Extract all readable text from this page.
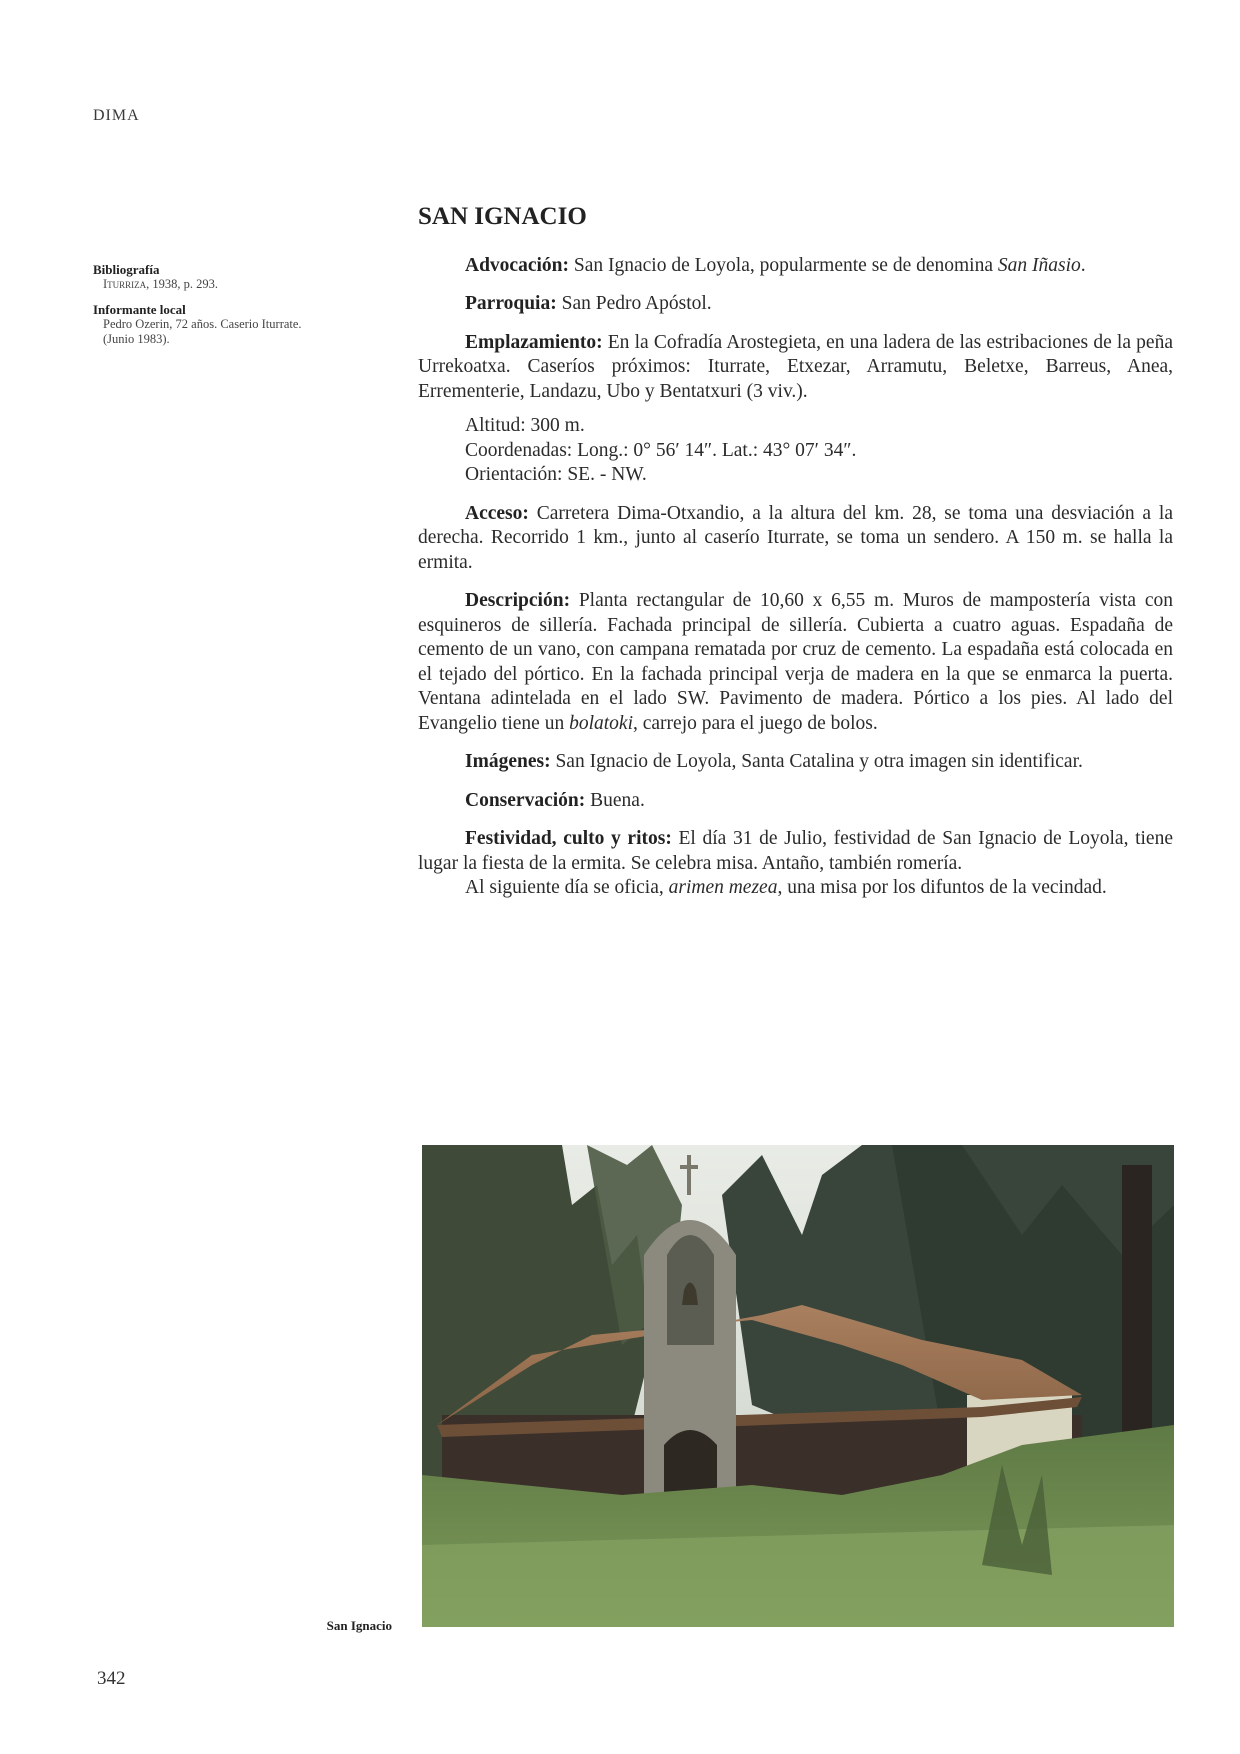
DIMA
Bibliografía
Iturriza, 1938, p. 293.
Informante local
Pedro Ozerin, 72 años. Caserio Iturrate.
(Junio 1983).
SAN IGNACIO

Advocación: San Ignacio de Loyola, popularmente se de denomina San Iñasio.

Parroquia: San Pedro Apóstol.

Emplazamiento: En la Cofradía Arostegieta, en una ladera de las estribaciones de la peña Urrekoatxa. Caseríos próximos: Iturrate, Etxezar, Arramutu, Beletxe, Barreus, Anea, Errementerie, Landazu, Ubo y Bentatxuri (3 viv.).

Altitud: 300 m.
Coordenadas: Long.: 0° 56′ 14″. Lat.: 43° 07′ 34″.
Orientación: SE. - NW.

Acceso: Carretera Dima-Otxandio, a la altura del km. 28, se toma una desviación a la derecha. Recorrido 1 km., junto al caserío Iturrate, se toma un sendero. A 150 m. se halla la ermita.

Descripción: Planta rectangular de 10,60 x 6,55 m. Muros de mampostería vista con esquineros de sillería. Fachada principal de sillería. Cubierta a cuatro aguas. Espadaña de cemento de un vano, con campana rematada por cruz de cemento. La espadaña está colocada en el tejado del pórtico. En la fachada principal verja de madera en la que se enmarca la puerta. Ventana adintelada en el lado SW. Pavimento de madera. Pórtico a los pies. Al lado del Evangelio tiene un bolatoki, carrejo para el juego de bolos.

Imágenes: San Ignacio de Loyola, Santa Catalina y otra imagen sin identificar.

Conservación: Buena.

Festividad, culto y ritos: El día 31 de Julio, festividad de San Ignacio de Loyola, tiene lugar la fiesta de la ermita. Se celebra misa. Antaño, también romería.

Al siguiente día se oficia, arimen mezea, una misa por los difuntos de la vecindad.

San Ignacio
342
